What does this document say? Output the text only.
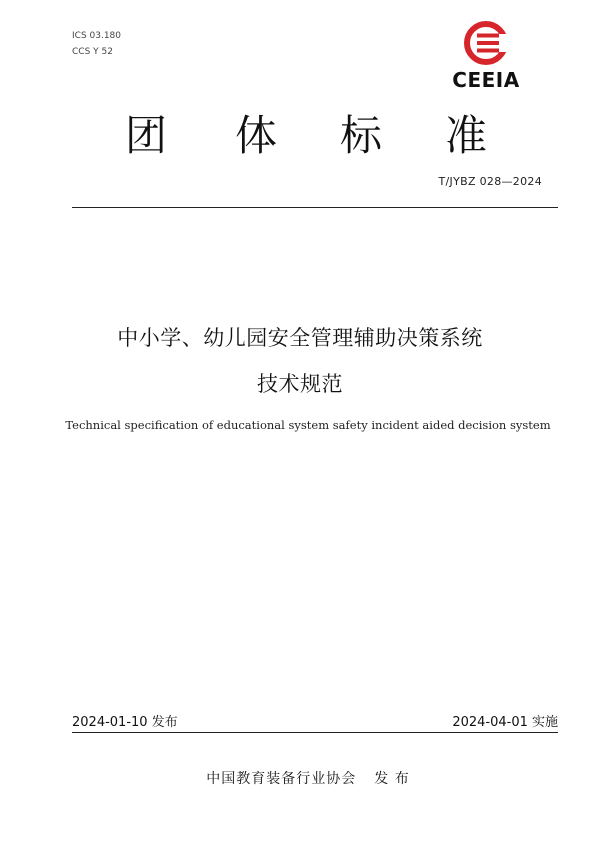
ICS 03.180
CCS Y 52
CEEIA
团 体 标 准
T/JYBZ 028—2024
中小学、幼儿园安全管理辅助决策系统
技术规范
Technical specification of educational system safety incident aided decision system
2024-01-10 发布	2024-04-01 实施
中国教育装备行业协会 发 布
